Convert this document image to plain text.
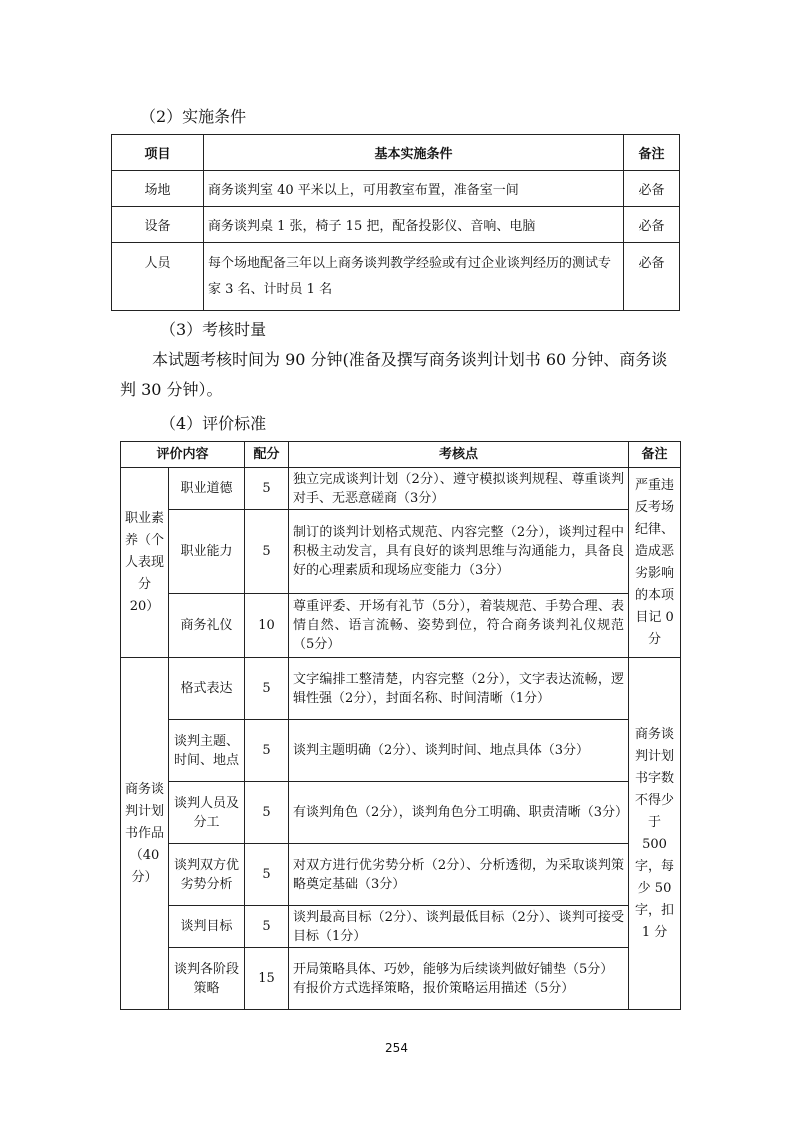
（2）实施条件
项目	基本实施条件	备注
场地	商务谈判室 40 平米以上，可用教室布置，准备室一间	必备
设备	商务谈判桌 1 张，椅子 15 把，配备投影仪、音响、电脑	必备
人员	每个场地配备三年以上商务谈判教学经验或有过企业谈判经历的测试专家 3 名、计时员 1 名	必备
（3）考核时量

本试题考核时间为 90 分钟(准备及撰写商务谈判计划书 60 分钟、商务谈判 30 分钟）。

（4）评价标准
评价内容		配分	考核点	备注
职业素养（个人表现分 20）	职业道德	5	独立完成谈判计划（2分）、遵守模拟谈判规程、尊重谈判对手、无恶意磋商（3分）	严重违反考场纪律、造成恶劣影响的本项目记 0 分
	职业能力	5	制订的谈判计划格式规范、内容完整（2分），谈判过程中积极主动发言，具有良好的谈判思维与沟通能力，具备良好的心理素质和现场应变能力（3分）	
	商务礼仪	10	尊重评委、开场有礼节（5分），着装规范、手势合理、表情自然、语言流畅、姿势到位，符合商务谈判礼仪规范（5分）	
商务谈判计划书作品（40 分）	格式表达	5	文字编排工整清楚，内容完整（2分），文字表达流畅，逻辑性强（2分），封面名称、时间清晰（1分）	商务谈判计划书字数不得少于 500 字，每少 50 字，扣 1 分
	谈判主题、时间、地点	5	谈判主题明确（2分）、谈判时间、地点具体（3分）	
	谈判人员及分工	5	有谈判角色（2分），谈判角色分工明确、职责清晰（3分）	
	谈判双方优劣势分析	5	对双方进行优劣势分析（2分）、分析透彻，为采取谈判策略奠定基础（3分）	
	谈判目标	5	谈判最高目标（2分）、谈判最低目标（2分）、谈判可接受目标（1分）	
	谈判各阶段策略	15	开局策略具体、巧妙，能够为后续谈判做好铺垫（5分）
有报价方式选择策略，报价策略运用描述（5分）	
254
